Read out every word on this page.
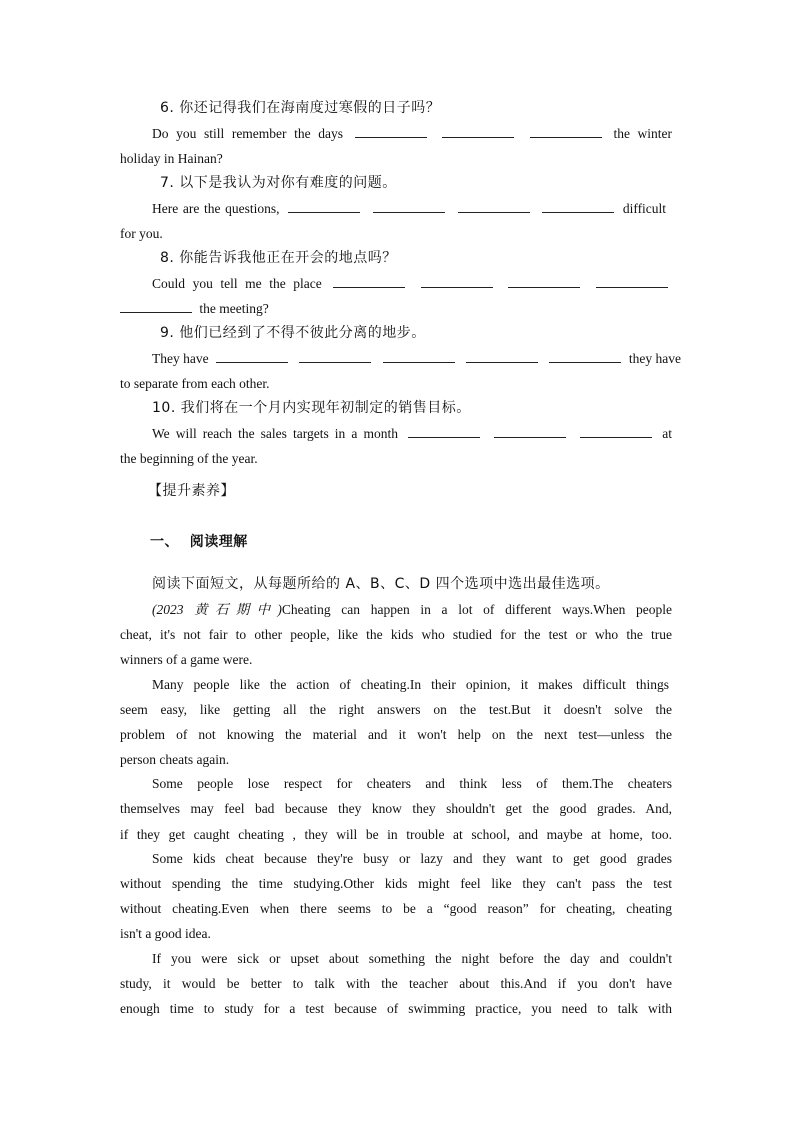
6. 你还记得我们在海南度过寒假的日子吗？
Do you still remember the days	the winter
holiday in Hainan?
7. 以下是我认为对你有难度的问题。
Here are the questions,	difficult
for you.
8. 你能告诉我他正在开会的地点吗？
Could you tell me the place
the meeting?
9. 他们已经到了不得不彼此分离的地步。
They have	they have
to separate from each other.
10. 我们将在一个月内实现年初制定的销售目标。
We will reach the sales targets in a month	at
the beginning of the year.
【提升素养】
一、  阅读理解
阅读下面短文，从每题所给的 A、B、C、D 四个选项中选出最佳选项。
(2023 黄石期中)Cheating can happen in a lot of different ways.When people
cheat, it's not fair to other people, like the kids who studied for the test or who the true
winners of a game were.
Many people like the action of cheating.In their opinion, it makes difficult things
seem easy, like getting all the right answers on the test.But it doesn't solve the
problem of not knowing the material and it won't help on the next test—unless the
person cheats again.
Some people lose respect for cheaters and think less of them.The cheaters
themselves may feel bad because they know they shouldn't get the good grades. And,
if they get caught cheating , they will be in trouble at school, and maybe at home, too.
Some kids cheat because they're busy or lazy and they want to get good grades
without spending the time studying.Other kids might feel like they can't pass the test
without cheating.Even when there seems to be a “good reason” for cheating, cheating
isn't a good idea.
If you were sick or upset about something the night before the day and couldn't
study, it would be better to talk with the teacher about this.And if you don't have
enough time to study for a test because of swimming practice, you need to talk with
